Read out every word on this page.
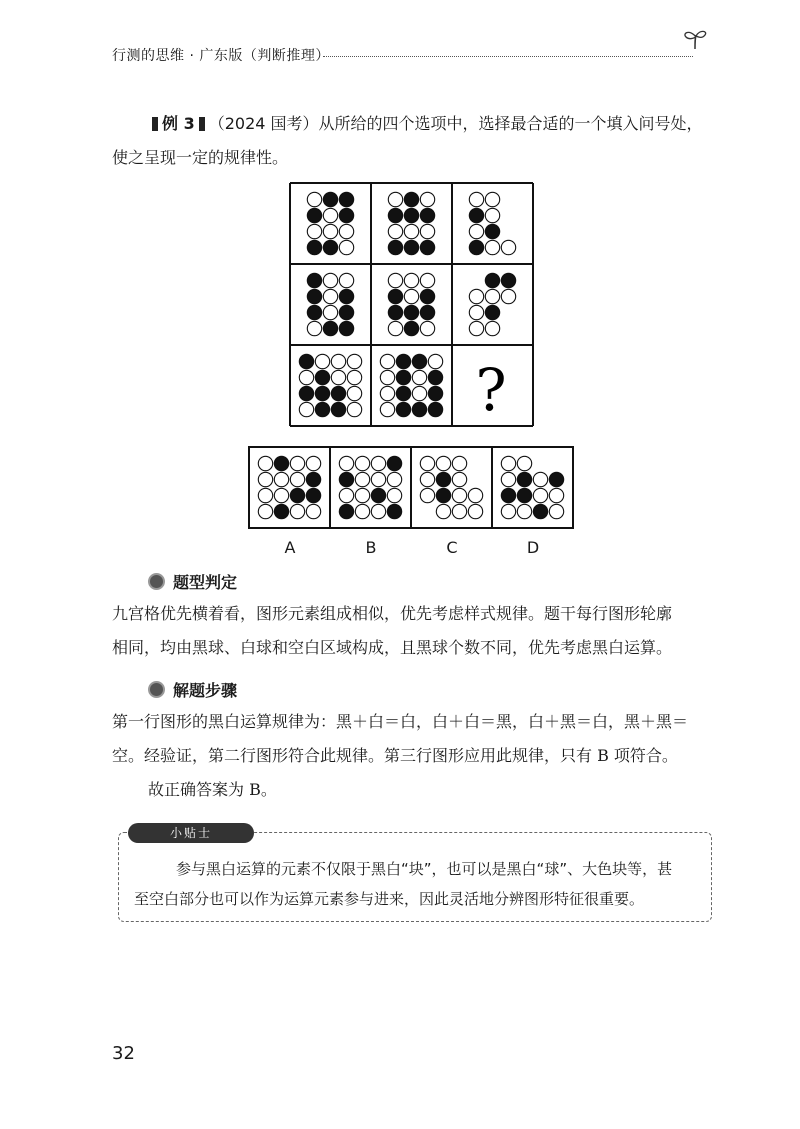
行测的思维 · 广东版（判断推理）
例 3 （2024 国考）从所给的四个选项中，选择最合适的一个填入问号处，
使之呈现一定的规律性。
?
A	B	C	D
题型判定
九宫格优先横着看，图形元素组成相似，优先考虑样式规律。题干每行图形轮廓
相同，均由黑球、白球和空白区域构成，且黑球个数不同，优先考虑黑白运算。
解题步骤
第一行图形的黑白运算规律为：黑＋白＝白，白＋白＝黑，白＋黑＝白，黑＋黑＝
空。经验证，第二行图形符合此规律。第三行图形应用此规律，只有 B 项符合。
故正确答案为 B。
小贴士
参与黑白运算的元素不仅限于黑白“块”，也可以是黑白“球”、大色块等，甚
至空白部分也可以作为运算元素参与进来，因此灵活地分辨图形特征很重要。
32
